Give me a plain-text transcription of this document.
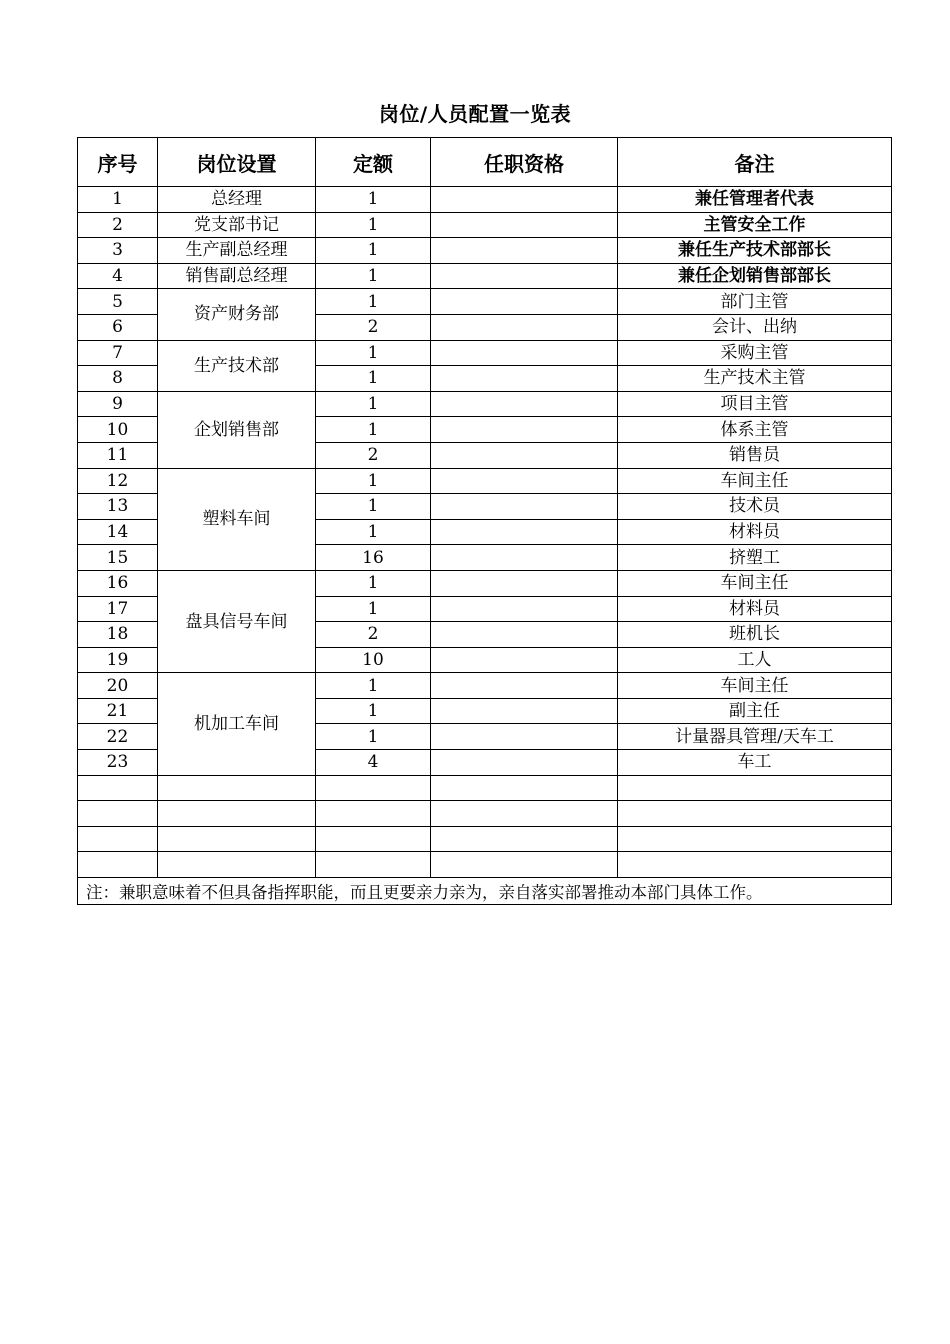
岗位/人员配置一览表
序号	岗位设置	定额	任职资格	备注
1	总经理	1		兼任管理者代表
2	党支部书记	1		主管安全工作
3	生产副总经理	1		兼任生产技术部部长
4	销售副总经理	1		兼任企划销售部部长
5	资产财务部	1		部门主管
6		2		会计、出纳
7	生产技术部	1		采购主管
8		1		生产技术主管
9	企划销售部	1		项目主管
10		1		体系主管
11		2		销售员
12	塑料车间	1		车间主任
13		1		技术员
14		1		材料员
15		16		挤塑工
16	盘具信号车间	1		车间主任
17		1		材料员
18		2		班机长
19		10		工人
20	机加工车间	1		车间主任
21		1		副主任
22		1		计量器具管理/天车工
23		4		车工

注：兼职意味着不但具备指挥职能，而且更要亲力亲为，亲自落实部署推动本部门具体工作。				
